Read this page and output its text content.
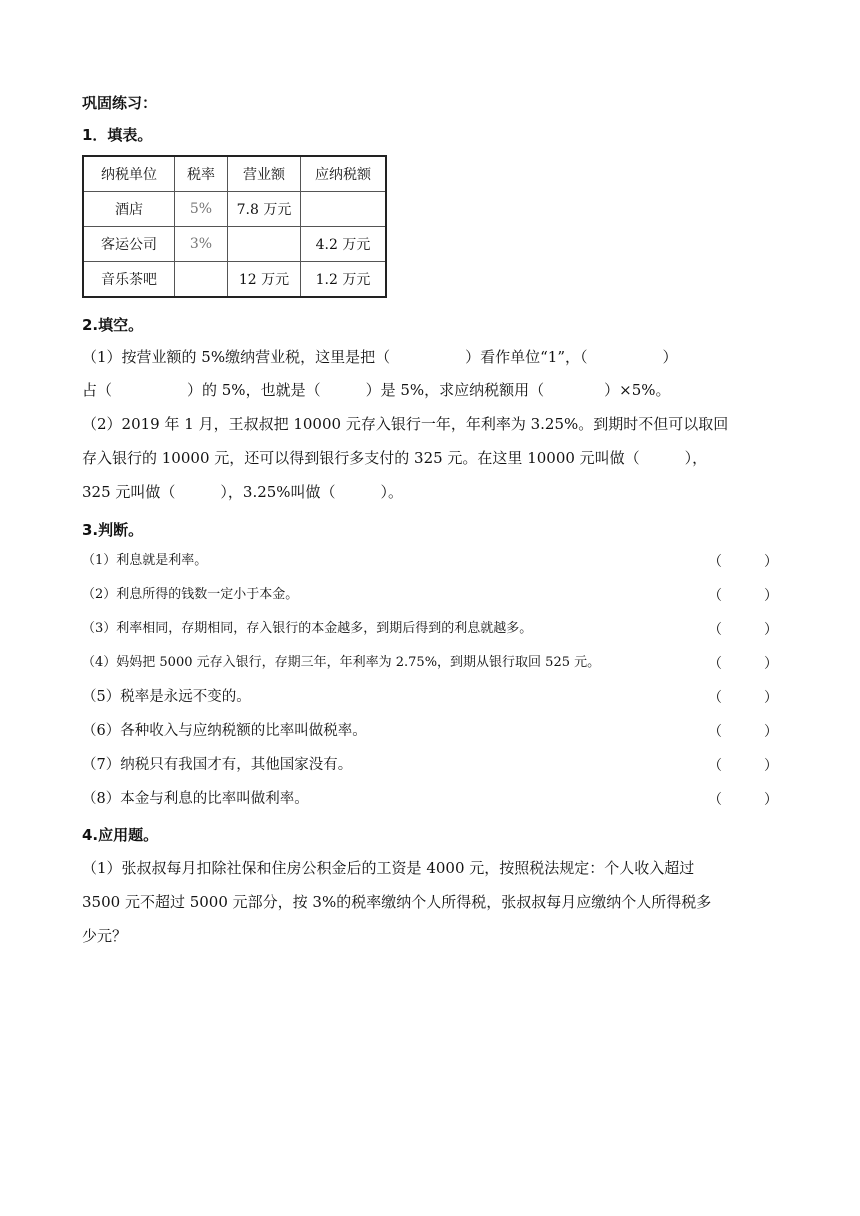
巩固练习：
1．填表。
纳税单位	税率	营业额	应纳税额
酒店	5%	7.8 万元	
客运公司	3%		4.2 万元
音乐茶吧		12 万元	1.2 万元
2.填空。
（1）按营业额的 5%缴纳营业税，这里是把（　　　　　）看作单位“1”，（　　　　　）
占（　　　　　）的 5%，也就是（　　　）是 5%，求应纳税额用（　　　　）×5%。
（2）2019 年 1 月，王叔叔把 10000 元存入银行一年，年利率为 3.25%。到期时不但可以取回
存入银行的 10000 元，还可以得到银行多支付的 325 元。在这里 10000 元叫做（　　　），
325 元叫做（　　　），3.25%叫做（　　　）。
3.判断。
（1）利息就是利率。	（	）
（2）利息所得的钱数一定小于本金。	（	）
（3）利率相同，存期相同，存入银行的本金越多，到期后得到的利息就越多。	（	）
（4）妈妈把 5000 元存入银行，存期三年，年利率为 2.75%，到期从银行取回 525 元。	（	）
（5）税率是永远不变的。	（	）
（6）各种收入与应纳税额的比率叫做税率。	（	）
（7）纳税只有我国才有，其他国家没有。	（	）
（8）本金与利息的比率叫做利率。	（	）
4.应用题。
（1）张叔叔每月扣除社保和住房公积金后的工资是 4000 元，按照税法规定：个人收入超过
3500 元不超过 5000 元部分，按 3%的税率缴纳个人所得税，张叔叔每月应缴纳个人所得税多
少元？
